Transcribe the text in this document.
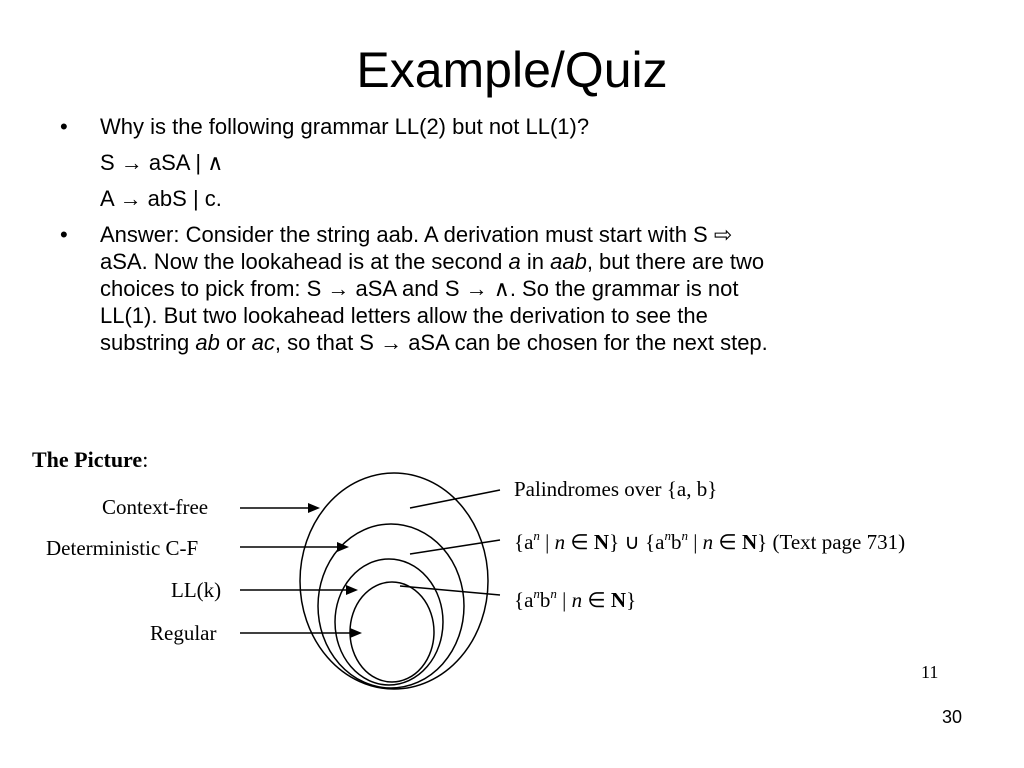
Example/Quiz
•	Why is the following grammar LL(2) but not LL(1)?
S → aSA | ∧
A → abS | c.
•	Answer: Consider the string aab. A derivation must start with S ⇨
aSA. Now the lookahead is at the second a in aab, but there are two
choices to pick from: S → aSA and S → ∧. So the grammar is not
LL(1). But two lookahead letters allow the derivation to see the
substring ab or ac, so that S → aSA can be chosen for the next step.
The Picture:
Context-free
Deterministic C-F
LL(k)
Regular
Palindromes over {a, b}
{$a^n$ | n ∈ N} ∪ {$a^nb^n$ | n ∈ N} (Text page 731)
{$a^nb^n$ | n ∈ N}
11
30
